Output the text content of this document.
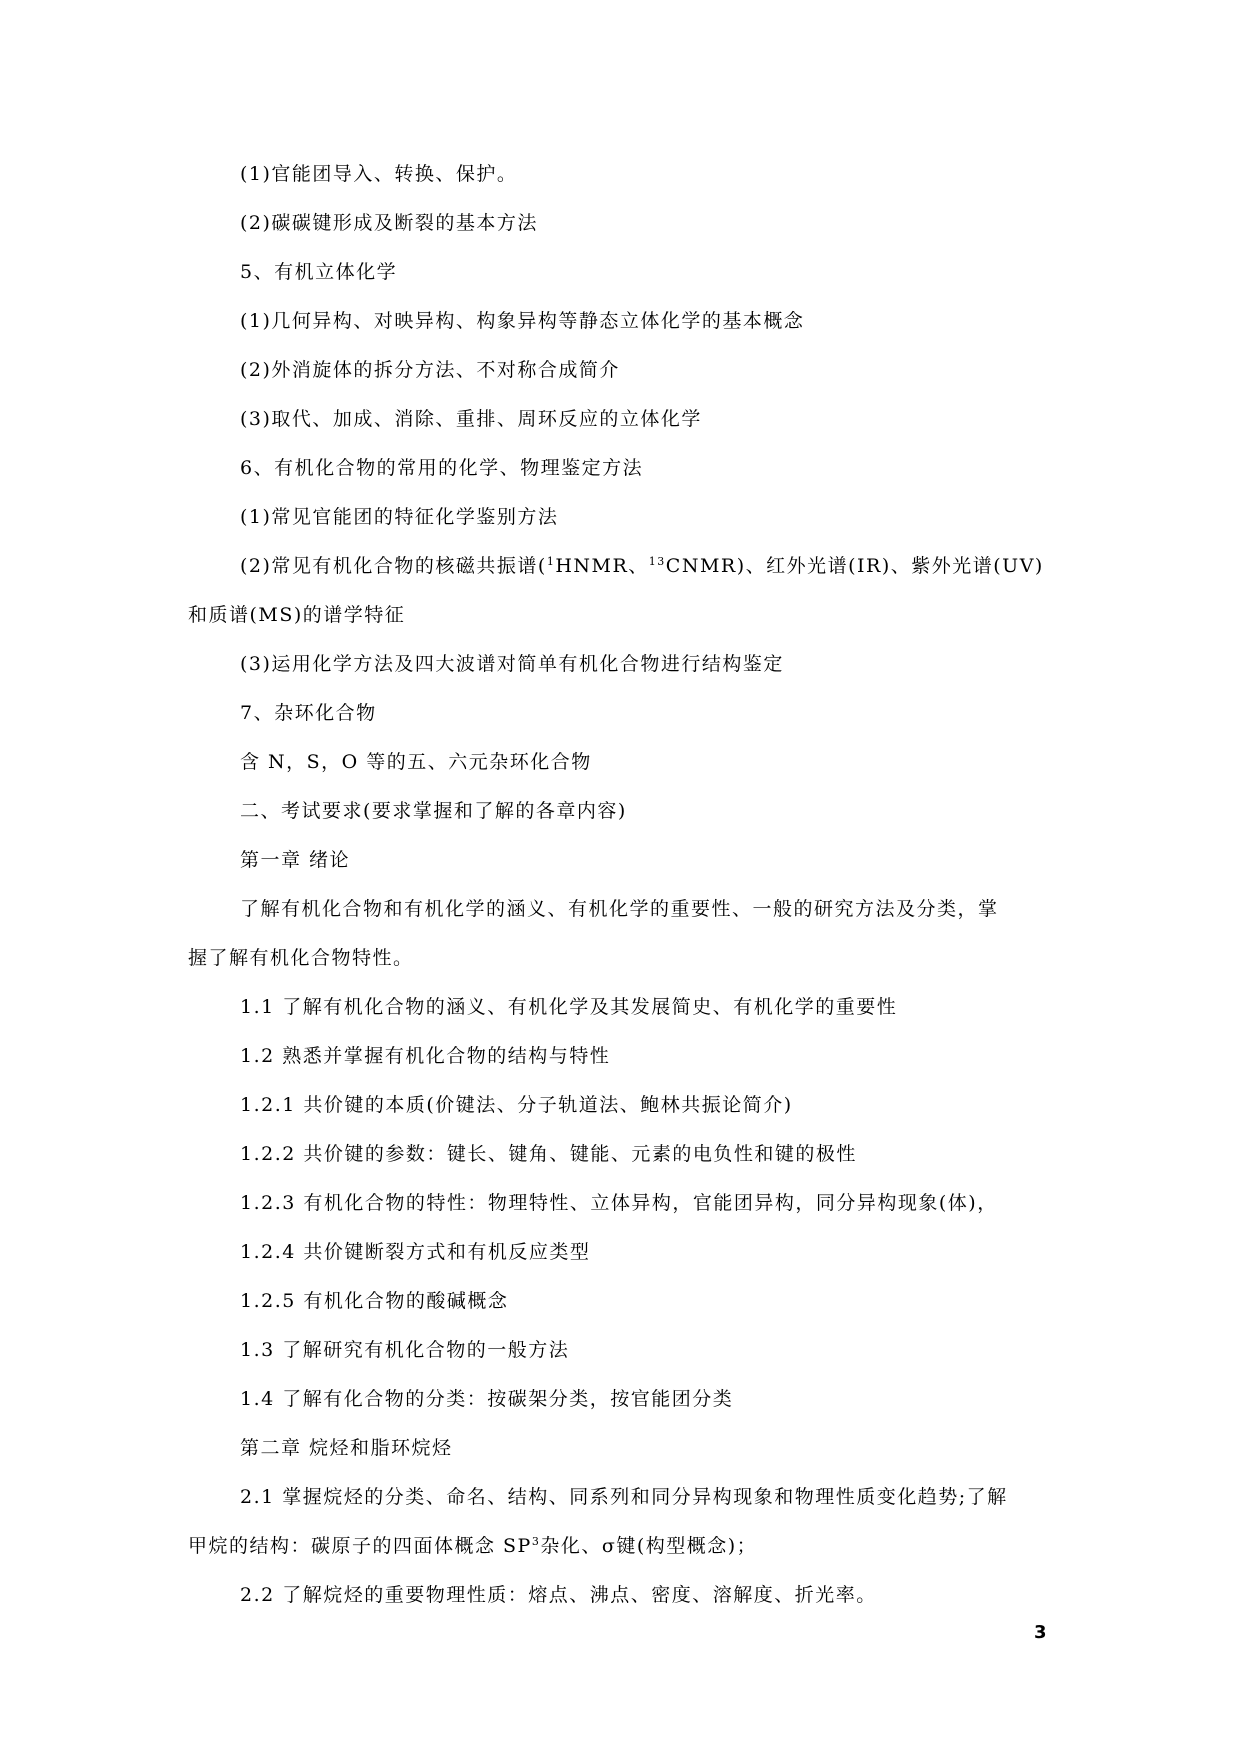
(1)官能团导入、转换、保护。
(2)碳碳键形成及断裂的基本方法
5、有机立体化学
(1)几何异构、对映异构、构象异构等静态立体化学的基本概念
(2)外消旋体的拆分方法、不对称合成简介
(3)取代、加成、消除、重排、周环反应的立体化学
6、有机化合物的常用的化学、物理鉴定方法
(1)常见官能团的特征化学鉴别方法
(2)常见有机化合物的核磁共振谱($^1$HNMR、$^{13}$CNMR)、红外光谱(IR)、紫外光谱(UV)
和质谱(MS)的谱学特征
(3)运用化学方法及四大波谱对简单有机化合物进行结构鉴定
7、杂环化合物
含 N，S，O 等的五、六元杂环化合物
二、考试要求(要求掌握和了解的各章内容)
第一章 绪论
了解有机化合物和有机化学的涵义、有机化学的重要性、一般的研究方法及分类，掌
握了解有机化合物特性。
1.1 了解有机化合物的涵义、有机化学及其发展简史、有机化学的重要性
1.2 熟悉并掌握有机化合物的结构与特性
1.2.1 共价键的本质(价键法、分子轨道法、鲍林共振论简介)
1.2.2 共价键的参数：键长、键角、键能、元素的电负性和键的极性
1.2.3 有机化合物的特性：物理特性、立体异构，官能团异构，同分异构现象(体)，
1.2.4 共价键断裂方式和有机反应类型
1.2.5 有机化合物的酸碱概念
1.3 了解研究有机化合物的一般方法
1.4 了解有化合物的分类：按碳架分类，按官能团分类
第二章 烷烃和脂环烷烃
2.1 掌握烷烃的分类、命名、结构、同系列和同分异构现象和物理性质变化趋势;了解
甲烷的结构：碳原子的四面体概念 $SP^3$杂化、σ键(构型概念)；
2.2 了解烷烃的重要物理性质：熔点、沸点、密度、溶解度、折光率。
3
